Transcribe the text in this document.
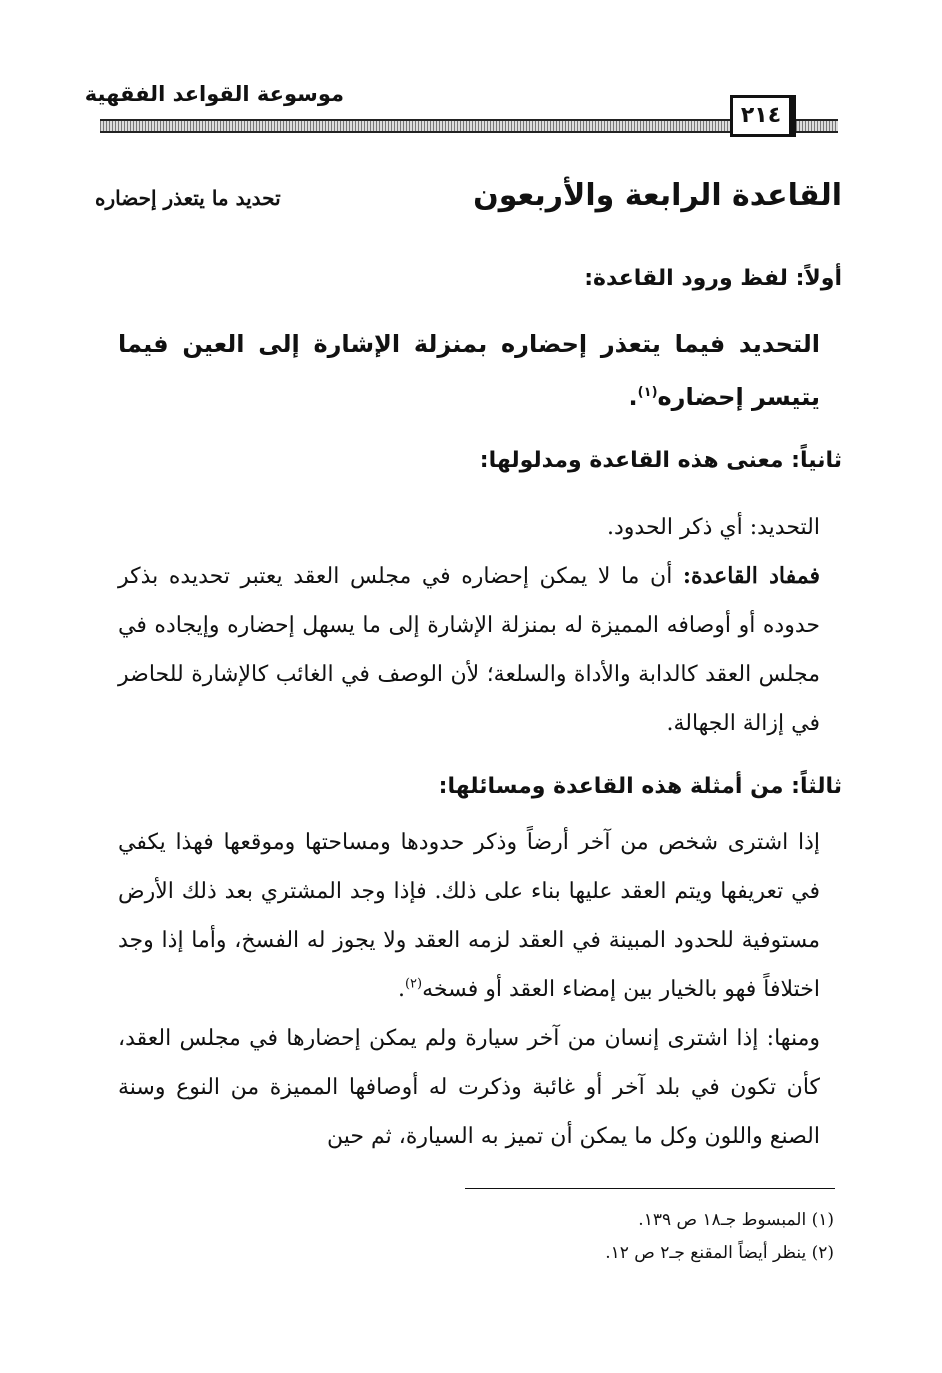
موسوعة القواعد الفقهية
٢١٤
القاعدة الرابعة والأربعون
تحديد ما يتعذر إحضاره
أولاً: لفظ ورود القاعدة:
التحديد فيما يتعذر إحضاره بمنزلة الإشارة إلى العين فيما يتيسر إحضاره$^{(١)}$.
ثانياً: معنى هذه القاعدة ومدلولها:

التحديد: أي ذكر الحدود.

فمفاد القاعدة: أن ما لا يمكن إحضاره في مجلس العقد يعتبر تحديده بذكر حدوده أو أوصافه المميزة له بمنزلة الإشارة إلى ما يسهل إحضاره وإيجاده في مجلس العقد كالدابة والأداة والسلعة؛ لأن الوصف في الغائب كالإشارة للحاضر في إزالة الجهالة.

ثالثاً: من أمثلة هذه القاعدة ومسائلها:

إذا اشترى شخص من آخر أرضاً وذكر حدودها ومساحتها وموقعها فهذا يكفي في تعريفها ويتم العقد عليها بناء على ذلك. فإذا وجد المشتري بعد ذلك الأرض مستوفية للحدود المبينة في العقد لزمه العقد ولا يجوز له الفسخ، وأما إذا وجد اختلافاً فهو بالخيار بين إمضاء العقد أو فسخه$^{(٢)}$.

ومنها: إذا اشترى إنسان من آخر سيارة ولم يمكن إحضارها في مجلس العقد، كأن تكون في بلد آخر أو غائبة وذكرت له أوصافها المميزة من النوع وسنة الصنع واللون وكل ما يمكن أن تميز به السيارة، ثم حين

(١) المبسوط جـ١٨ ص ١٣٩.
(٢) ينظر أيضاً المقنع جـ٢ ص ١٢.
